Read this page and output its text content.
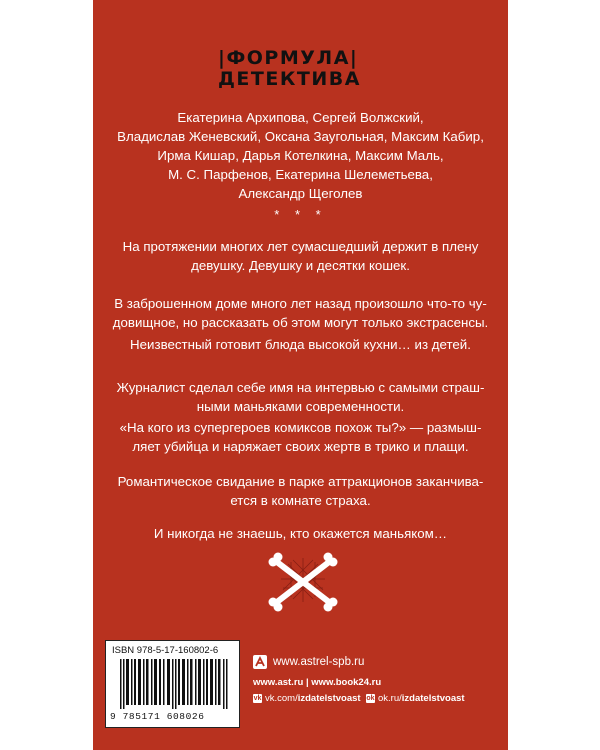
|ФОРМУЛА|
ДЕТЕКТИВА
Екатерина Архипова, Сергей Волжский,
Владислав Женевский, Оксана Заугольная, Максим Кабир,
Ирма Кишар, Дарья Котелкина, Максим Маль,
М. С. Парфенов, Екатерина Шелеметьева,
Александр Щеголев
* * *
На протяжении многих лет сумасшедший держит в плену
девушку. Девушку и десятки кошек.
В заброшенном доме много лет назад произошло что-то чу-
довищное, но рассказать об этом могут только экстрасенсы.
Неизвестный готовит блюда высокой кухни… из детей.
Журналист сделал себе имя на интервью с самыми страш-
ными маньяками современности.
«На кого из супергероев комиксов похож ты?» — размыш-
ляет убийца и наряжает своих жертв в трико и плащи.
Романтическое свидание в парке аттракционов заканчива-
ется в комнате страха.
И никогда не знаешь, кто окажется маньяком…
ISBN 978-5-17-160802-6
9 785171 608026
www.astrel-spb.ru
www.ast.ru | www.book24.ru
vk vk.com/ izdatelstvoast ok ok.ru/ izdatelstvoast
